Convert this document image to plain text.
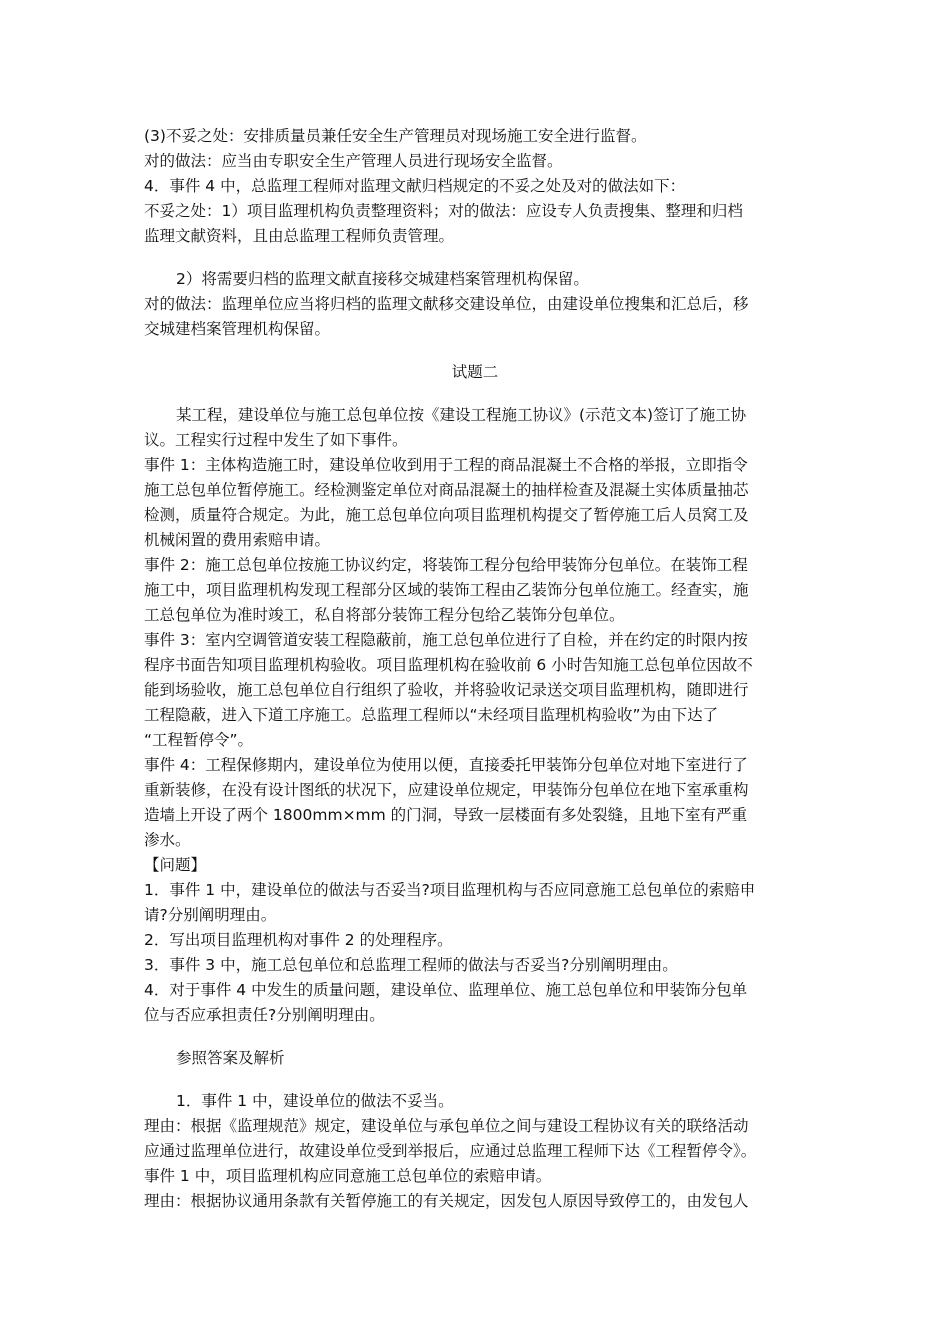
(3)不妥之处：安排质量员兼任安全生产管理员对现场施工安全进行监督。

对的做法：应当由专职安全生产管理人员进行现场安全监督。

4．事件 4 中，总监理工程师对监理文献归档规定的不妥之处及对的做法如下：

不妥之处：1）项目监理机构负责整理资料；对的做法：应设专人负责搜集、整理和归档

监理文献资料，且由总监理工程师负责管理。

2）将需要归档的监理文献直接移交城建档案管理机构保留。

对的做法：监理单位应当将归档的监理文献移交建设单位，由建设单位搜集和汇总后，移

交城建档案管理机构保留。

试题二

某工程，建设单位与施工总包单位按《建设工程施工协议》(示范文本)签订了施工协

议。工程实行过程中发生了如下事件。

事件 1：主体构造施工时，建设单位收到用于工程的商品混凝土不合格的举报，立即指令

施工总包单位暂停施工。经检测鉴定单位对商品混凝土的抽样检查及混凝土实体质量抽芯

检测，质量符合规定。为此，施工总包单位向项目监理机构提交了暂停施工后人员窝工及

机械闲置的费用索赔申请。

事件 2：施工总包单位按施工协议约定，将装饰工程分包给甲装饰分包单位。在装饰工程

施工中，项目监理机构发现工程部分区域的装饰工程由乙装饰分包单位施工。经查实，施

工总包单位为准时竣工，私自将部分装饰工程分包给乙装饰分包单位。

事件 3：室内空调管道安装工程隐蔽前，施工总包单位进行了自检，并在约定的时限内按

程序书面告知项目监理机构验收。项目监理机构在验收前 6 小时告知施工总包单位因故不

能到场验收，施工总包单位自行组织了验收，并将验收记录送交项目监理机构，随即进行

工程隐蔽，进入下道工序施工。总监理工程师以“未经项目监理机构验收”为由下达了

“工程暂停令”。

事件 4：工程保修期内，建设单位为使用以便，直接委托甲装饰分包单位对地下室进行了

重新装修，在没有设计图纸的状况下，应建设单位规定，甲装饰分包单位在地下室承重构

造墙上开设了两个 1800mm×mm 的门洞，导致一层楼面有多处裂缝，且地下室有严重

渗水。

【问题】

1．事件 1 中，建设单位的做法与否妥当?项目监理机构与否应同意施工总包单位的索赔申

请?分别阐明理由。

2．写出项目监理机构对事件 2 的处理程序。

3．事件 3 中，施工总包单位和总监理工程师的做法与否妥当?分别阐明理由。

4．对于事件 4 中发生的质量问题，建设单位、监理单位、施工总包单位和甲装饰分包单

位与否应承担责任?分别阐明理由。

参照答案及解析

1．事件 1 中，建设单位的做法不妥当。

理由：根据《监理规范》规定，建设单位与承包单位之间与建设工程协议有关的联络活动

应通过监理单位进行，故建设单位受到举报后，应通过总监理工程师下达《工程暂停令》。

事件 1 中，项目监理机构应同意施工总包单位的索赔申请。

理由：根据协议通用条款有关暂停施工的有关规定，因发包人原因导致停工的，由发包人
